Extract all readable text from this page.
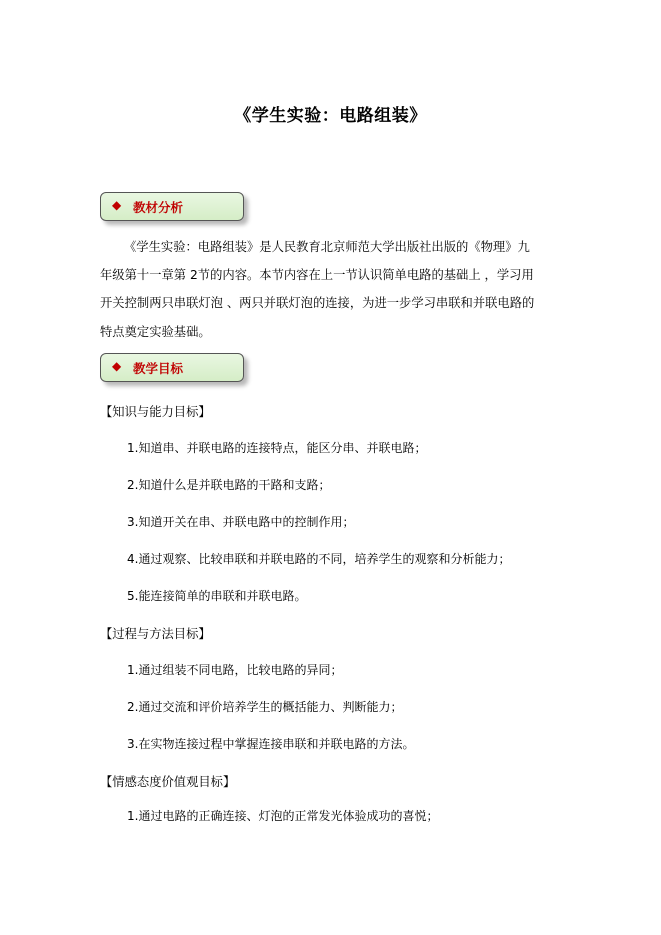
《学生实验：电路组装》
◆ 教材分析
《学生实验：电路组装》是人民教育北京师范大学出版社出版的《物理》九
年级第十一章第 2节的内容。本节内容在上一节认识简单电路的基础上 ，学习用
开关控制两只串联灯泡 、两只并联灯泡的连接，为进一步学习串联和并联电路的
特点奠定实验基础。
◆ 教学目标
【知识与能力目标】
1.知道串、并联电路的连接特点，能区分串、并联电路；
2.知道什么是并联电路的干路和支路；
3.知道开关在串、并联电路中的控制作用；
4.通过观察、比较串联和并联电路的不同，培养学生的观察和分析能力；
5.能连接简单的串联和并联电路。
【过程与方法目标】
1.通过组装不同电路，比较电路的异同；
2.通过交流和评价培养学生的概括能力、判断能力；
3.在实物连接过程中掌握连接串联和并联电路的方法。
【情感态度价值观目标】
1.通过电路的正确连接、灯泡的正常发光体验成功的喜悦；
